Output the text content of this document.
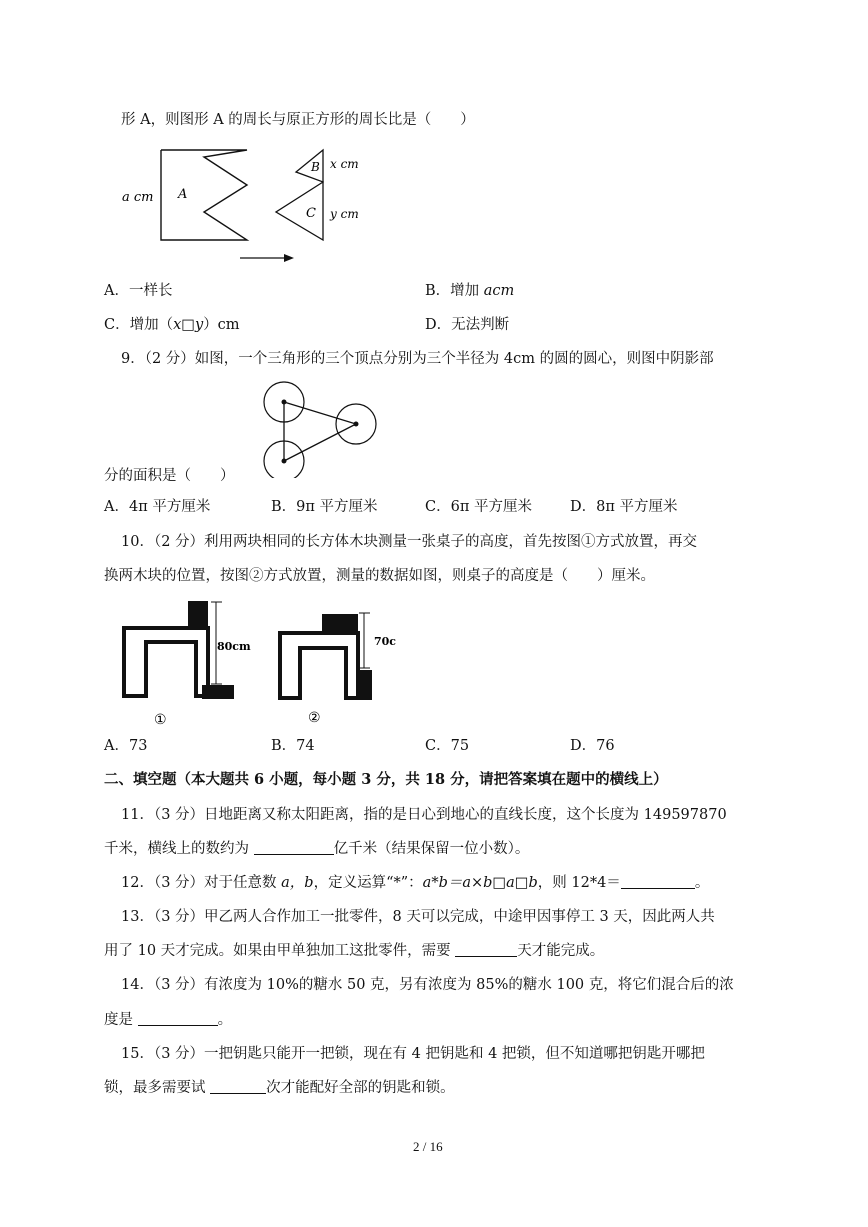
形 A，则图形 A 的周长与原正方形的周长比是（　　）
a cm A
B
C
x cm
y cm
A．一样长	B．增加 acm
C．增加（x□y）cm	D．无法判断
9．（2 分）如图，一个三角形的三个顶点分别为三个半径为 4cm 的圆的圆心，则图中阴影部
分的面积是（　　）
A．4π 平方厘米	B．9π 平方厘米	C．6π 平方厘米	D．8π 平方厘米
10．（2 分）利用两块相同的长方体木块测量一张桌子的高度，首先按图①方式放置，再交
换两木块的位置，按图②方式放置，测量的数据如图，则桌子的高度是（　　）厘米。
80cm
①
70c
②
A．73	B．74	C．75	D．76
二、填空题（本大题共 6 小题，每小题 3 分，共 18 分，请把答案填在题中的横线上）
11．（3 分）日地距离又称太阳距离，指的是日心到地心的直线长度，这个长度为 149597870
千米，横线上的数约为	亿千米（结果保留一位小数）。
12．（3 分）对于任意数 a，b，定义运算“*”：a*b＝a×b□a□b，则 12*4＝	。
13．（3 分）甲乙两人合作加工一批零件，8 天可以完成，中途甲因事停工 3 天，因此两人共
用了 10 天才完成。如果由甲单独加工这批零件，需要	天才能完成。
14．（3 分）有浓度为 10%的糖水 50 克，另有浓度为 85%的糖水 100 克，将它们混合后的浓
度是	。
15．（3 分）一把钥匙只能开一把锁，现在有 4 把钥匙和 4 把锁，但不知道哪把钥匙开哪把
锁，最多需要试	次才能配好全部的钥匙和锁。
2 / 16
